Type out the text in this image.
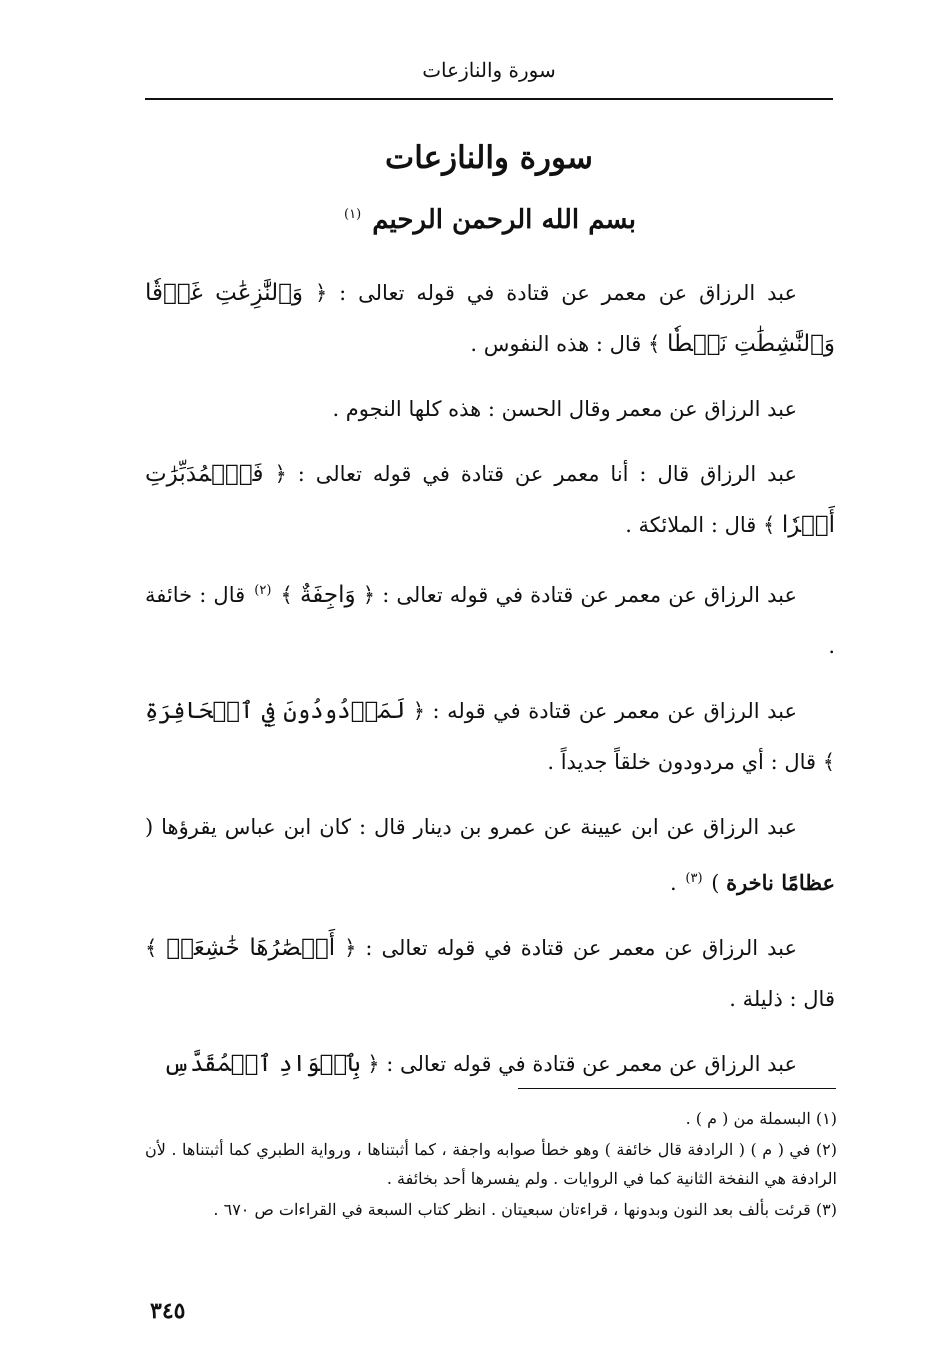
سورة والنازعات
سورة والنازعات
بسم الله الرحمن الرحيم $^{(١)}$

عبد الرزاق عن معمر عن قتادة في قوله تعالى : ﴿ وَٱلنَّٰزِعَٰتِ غَرۡقٗا وَٱلنَّٰشِطَٰتِ نَشۡطٗا ﴾ قال : هذه النفوس .

عبد الرزاق عن معمر وقال الحسن : هذه كلها النجوم .

عبد الرزاق قال : أنا معمر عن قتادة في قوله تعالى : ﴿ فَٱلۡمُدَبِّرَٰتِ أَمۡرٗا ﴾ قال : الملائكة .

عبد الرزاق عن معمر عن قتادة في قوله تعالى : ﴿ وَاجِفَةٌ ﴾ $^{(٢)}$ قال : خائفة .

عبد الرزاق عن معمر عن قتادة في قوله : ﴿ لَمَرۡدُودُونَ فِي ٱلۡحَافِرَةِ ﴾ قال : أي مردودون خلقاً جديداً .

عبد الرزاق عن ابن عيينة عن عمرو بن دينار قال : كان ابن عباس يقرؤها ( عظامًا ناخرة ) $^{(٣)}$ .

عبد الرزاق عن معمر عن قتادة في قوله تعالى : ﴿ أَبۡصَٰرُهَا خَٰشِعَةٞ ﴾ قال : ذليلة .

عبد الرزاق عن معمر عن قتادة في قوله تعالى : ﴿ بِٱلۡوَادِ ٱلۡمُقَدَّسِ

(١) البسملة من ( م ) .

(٢) في ( م ) ( الرادفة قال خائفة ) وهو خطأ صوابه واجفة ، كما أثبتناها ، ورواية الطبري كما أثبتناها . لأن الرادفة هي النفخة الثانية كما في الروايات . ولم يفسرها أحد بخائفة .

(٣) قرئت بألف بعد النون وبدونها ، قراءتان سبعيتان . انظر كتاب السبعة في القراءات ص ٦٧٠ .

٣٤٥
